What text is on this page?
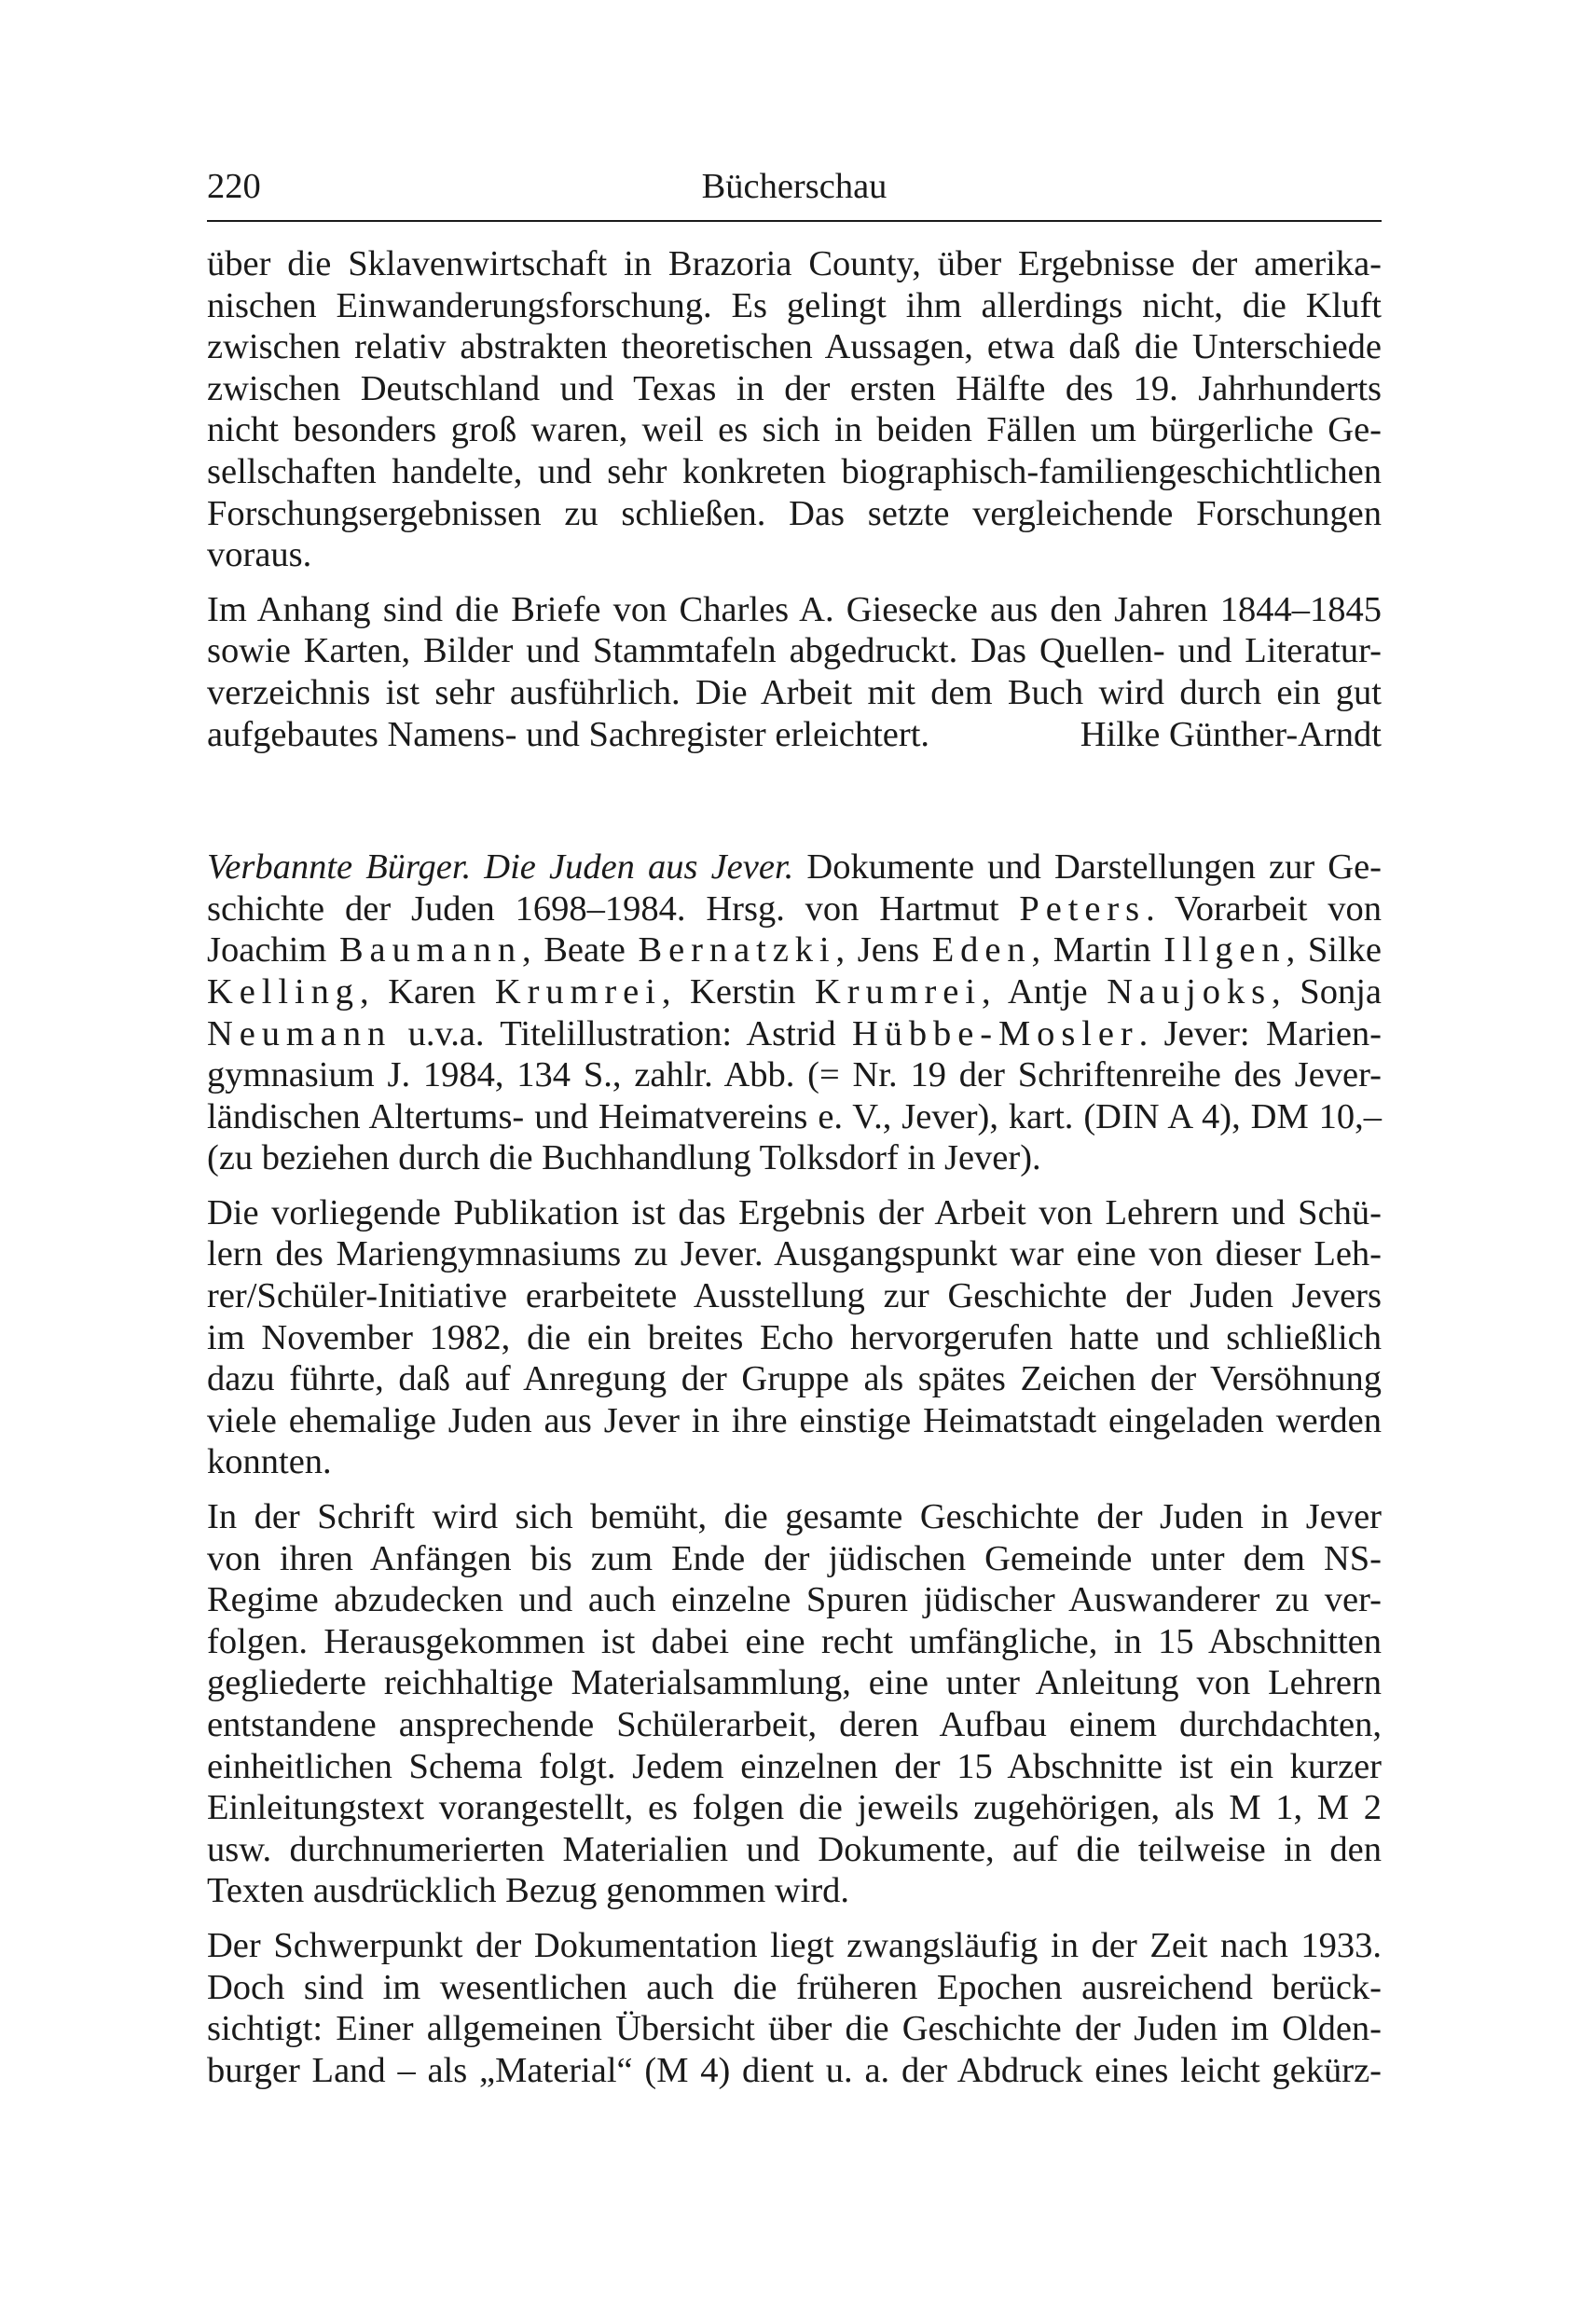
220	Bücherschau
über die Sklavenwirtschaft in Brazoria County, über Ergebnisse der amerika-
nischen Einwanderungsforschung. Es gelingt ihm allerdings nicht, die Kluft
zwischen relativ abstrakten theoretischen Aussagen, etwa daß die Unterschiede
zwischen Deutschland und Texas in der ersten Hälfte des 19. Jahrhunderts
nicht besonders groß waren, weil es sich in beiden Fällen um bürgerliche Ge-
sellschaften handelte, und sehr konkreten biographisch-familiengeschichtlichen
Forschungsergebnissen zu schließen. Das setzte vergleichende Forschungen
voraus.
Im Anhang sind die Briefe von Charles A. Giesecke aus den Jahren 1844–1845
sowie Karten, Bilder und Stammtafeln abgedruckt. Das Quellen- und Literatur-
verzeichnis ist sehr ausführlich. Die Arbeit mit dem Buch wird durch ein gut
aufgebautes Namens- und Sachregister erleichtert.	Hilke Günther-Arndt
Verbannte Bürger. Die Juden aus Jever. Dokumente und Darstellungen zur Ge-
schichte der Juden 1698–1984. Hrsg. von Hartmut Peters. Vorarbeit von
Joachim Baumann, Beate Bernatzki, Jens Eden, Martin Illgen, Silke
Kelling, Karen Krumrei, Kerstin Krumrei, Antje Naujoks, Sonja
Neumann u.v.a. Titelillustration: Astrid Hübbe-Mosler. Jever: Marien-
gymnasium J. 1984, 134 S., zahlr. Abb. (= Nr. 19 der Schriftenreihe des Jever-
ländischen Altertums- und Heimatvereins e. V., Jever), kart. (DIN A 4), DM 10,–
(zu beziehen durch die Buchhandlung Tolksdorf in Jever).
Die vorliegende Publikation ist das Ergebnis der Arbeit von Lehrern und Schü-
lern des Mariengymnasiums zu Jever. Ausgangspunkt war eine von dieser Leh-
rer/Schüler-Initiative erarbeitete Ausstellung zur Geschichte der Juden Jevers
im November 1982, die ein breites Echo hervorgerufen hatte und schließlich
dazu führte, daß auf Anregung der Gruppe als spätes Zeichen der Versöhnung
viele ehemalige Juden aus Jever in ihre einstige Heimatstadt eingeladen werden
konnten.
In der Schrift wird sich bemüht, die gesamte Geschichte der Juden in Jever
von ihren Anfängen bis zum Ende der jüdischen Gemeinde unter dem NS-
Regime abzudecken und auch einzelne Spuren jüdischer Auswanderer zu ver-
folgen. Herausgekommen ist dabei eine recht umfängliche, in 15 Abschnitten
gegliederte reichhaltige Materialsammlung, eine unter Anleitung von Lehrern
entstandene ansprechende Schülerarbeit, deren Aufbau einem durchdachten,
einheitlichen Schema folgt. Jedem einzelnen der 15 Abschnitte ist ein kurzer
Einleitungstext vorangestellt, es folgen die jeweils zugehörigen, als M 1, M 2
usw. durchnumerierten Materialien und Dokumente, auf die teilweise in den
Texten ausdrücklich Bezug genommen wird.
Der Schwerpunkt der Dokumentation liegt zwangsläufig in der Zeit nach 1933.
Doch sind im wesentlichen auch die früheren Epochen ausreichend berück-
sichtigt: Einer allgemeinen Übersicht über die Geschichte der Juden im Olden-
burger Land – als „Material“ (M 4) dient u. a. der Abdruck eines leicht gekürz-
